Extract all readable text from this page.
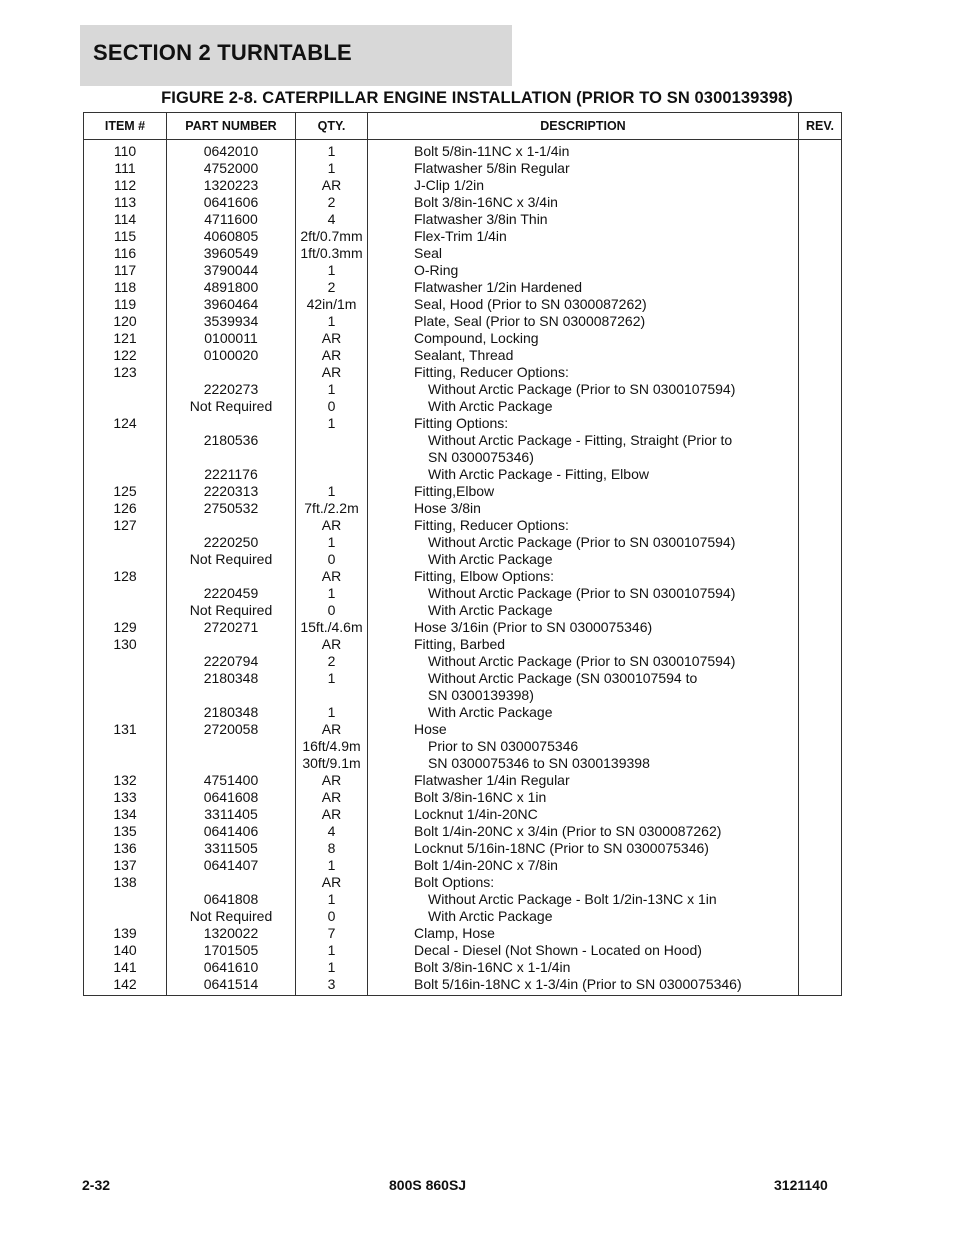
SECTION 2 TURNTABLE
FIGURE 2-8. CATERPILLAR ENGINE INSTALLATION (PRIOR TO SN 0300139398)
ITEM #	PART NUMBER	QTY.	DESCRIPTION	REV.
110	0642010	1	Bolt 5/8in-11NC x 1-1/4in	

111	4752000	1	Flatwasher 5/8in Regular	

112	1320223	AR	J-Clip 1/2in	

113	0641606	2	Bolt 3/8in-16NC x 3/4in	

114	4711600	4	Flatwasher 3/8in Thin	

115	4060805	2ft/0.7mm	Flex-Trim 1/4in	

116	3960549	1ft/0.3mm	Seal	

117	3790044	1	O-Ring	

118	4891800	2	Flatwasher 1/2in Hardened	

119	3960464	42in/1m	Seal, Hood (Prior to SN 0300087262)	

120	3539934	1	Plate, Seal (Prior to SN 0300087262)	

121	0100011	AR	Compound, Locking	

122	0100020	AR	Sealant, Thread	

123		AR	Fitting, Reducer Options:	

	2220273	1	Without Arctic Package (Prior to SN 0300107594)	

	Not Required	0	With Arctic Package	

124		1	Fitting Options:	

	2180536		Without Arctic Package - Fitting, Straight (Prior to
SN 0300075346)	

	2221176		With Arctic Package - Fitting, Elbow	

125	2220313	1	Fitting,Elbow	

126	2750532	7ft./2.2m	Hose 3/8in	

127		AR	Fitting, Reducer Options:	

	2220250	1	Without Arctic Package (Prior to SN 0300107594)	

	Not Required	0	With Arctic Package	

128		AR	Fitting, Elbow Options:	

	2220459	1	Without Arctic Package (Prior to SN 0300107594)	

	Not Required	0	With Arctic Package	

129	2720271	15ft./4.6m	Hose 3/16in (Prior to SN 0300075346)	

130		AR	Fitting, Barbed	

	2220794	2	Without Arctic Package (Prior to SN 0300107594)	

	2180348	1	Without Arctic Package (SN 0300107594 to
SN 0300139398)	

	2180348	1	With Arctic Package	

131	2720058	AR	Hose	

		16ft/4.9m	Prior to SN 0300075346	

		30ft/9.1m	SN 0300075346 to SN 0300139398	

132	4751400	AR	Flatwasher 1/4in Regular	

133	0641608	AR	Bolt 3/8in-16NC x 1in	

134	3311405	AR	Locknut 1/4in-20NC	

135	0641406	4	Bolt 1/4in-20NC x 3/4in (Prior to SN 0300087262)	

136	3311505	8	Locknut 5/16in-18NC (Prior to SN 0300075346)	

137	0641407	1	Bolt 1/4in-20NC x 7/8in	

138		AR	Bolt Options:	

	0641808	1	Without Arctic Package - Bolt 1/2in-13NC x 1in	

	Not Required	0	With Arctic Package	

139	1320022	7	Clamp, Hose	

140	1701505	1	Decal - Diesel (Not Shown - Located on Hood)	

141	0641610	1	Bolt 3/8in-16NC x 1-1/4in	

142	0641514	3	Bolt 5/16in-18NC x 1-3/4in (Prior to SN 0300075346)	

2-32	800S 860SJ	3121140
